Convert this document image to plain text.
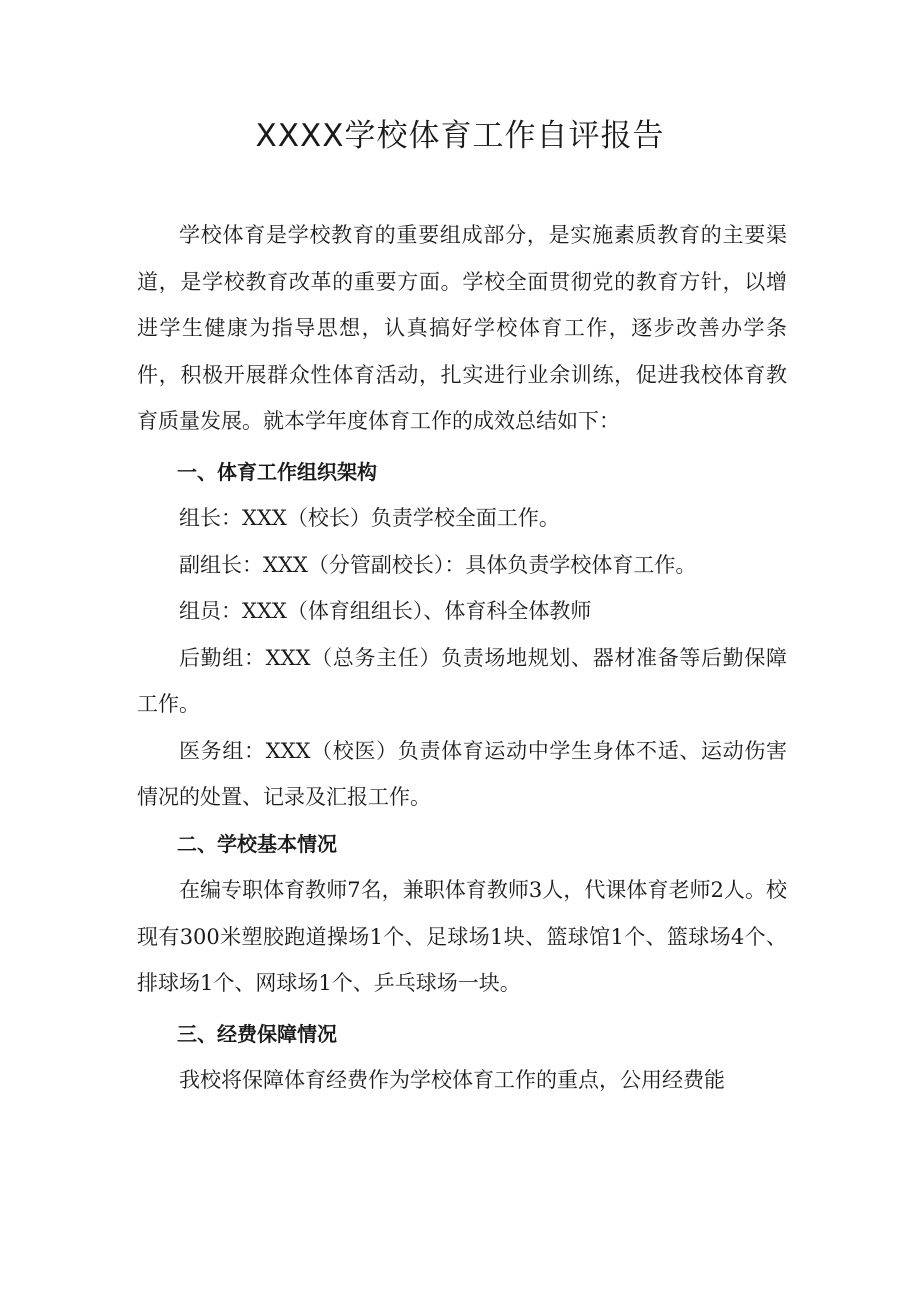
XXXX学校体育工作自评报告

学校体育是学校教育的重要组成部分，是实施素质教育的主要渠道，是学校教育改革的重要方面。学校全面贯彻党的教育方针，以增进学生健康为指导思想，认真搞好学校体育工作，逐步改善办学条件，积极开展群众性体育活动，扎实进行业余训练，促进我校体育教育质量发展。就本学年度体育工作的成效总结如下：

一、体育工作组织架构

组长：XXX（校长）负责学校全面工作。

副组长：XXX（分管副校长）：具体负责学校体育工作。

组员：XXX（体育组组长）、体育科全体教师

后勤组：XXX（总务主任）负责场地规划、器材准备等后勤保障工作。

医务组：XXX（校医）负责体育运动中学生身体不适、运动伤害情况的处置、记录及汇报工作。

二、学校基本情况

在编专职体育教师7名，兼职体育教师3人，代课体育老师2人。校现有300米塑胶跑道操场1个、足球场1块、篮球馆1个、篮球场4个、排球场1个、网球场1个、乒乓球场一块。

三、经费保障情况

我校将保障体育经费作为学校体育工作的重点，公用经费能
